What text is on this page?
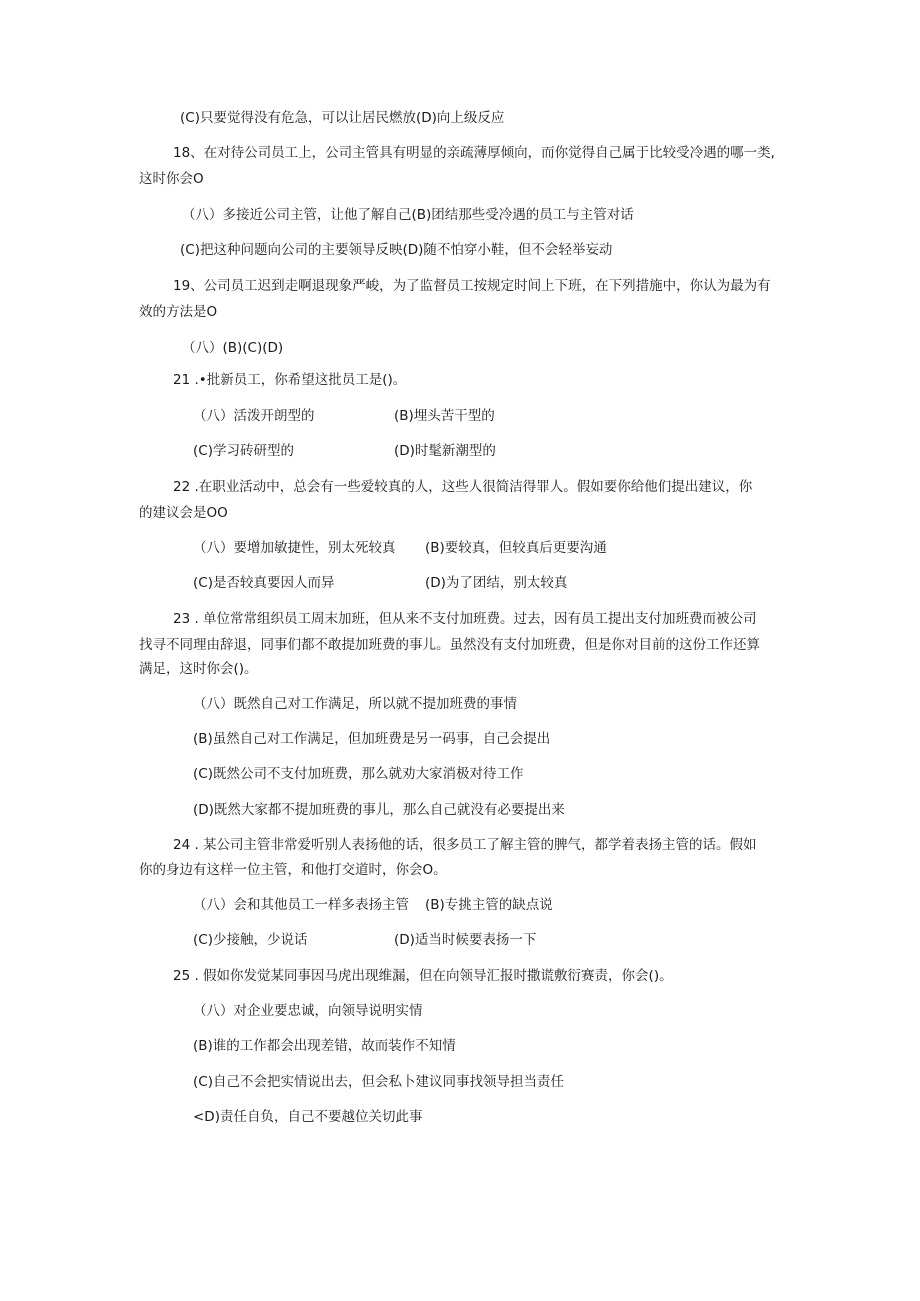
(C)只要觉得没有危急，可以让居民燃放(D)向上级反应
18、在对待公司员工上，公司主管具有明显的亲疏薄厚倾向，而你觉得自己属于比较受冷遇的哪一类,
这时你会O
（八）多接近公司主管，让他了解自己(B)团结那些受冷遇的员工与主管对话
(C)把这种问题向公司的主要领导反映(D)随不怕穿小鞋，但不会轻举妄动
19、公司员工迟到走啊退现象严峻，为了监督员工按规定时间上下班，在下列措施中，你认为最为有
效的方法是O
（八）(B)(C)(D)
21 .•批新员工，你希望这批员工是()。
（八）活泼开朗型的	(B)埋头苦干型的
(C)学习砖研型的	(D)时髦新潮型的
22 .在职业活动中，总会有一些爱较真的人，这些人很简洁得罪人。假如要你给他们提出建议，你
的建议会是OO
（八）要增加敏捷性，别太死较真 (B)要较真，但较真后更要沟通
(C)是否较真要因人而异	(D)为了团结，别太较真
23 . 单位常常组织员工周末加班，但从来不支付加班费。过去，因有员工提出支付加班费而被公司
找寻不同理由辞退，同事们都不敢提加班费的事儿。虽然没有支付加班费，但是你对目前的这份工作还算
满足，这时你会()。
（八）既然自己对工作满足，所以就不提加班费的事情
(B)虽然自己对工作满足，但加班费是另一码事，自己会提出
(C)既然公司不支付加班费，那么就劝大家消极对待工作
(D)既然大家都不提加班费的事儿，那么自己就没有必要提出来
24 . 某公司主管非常爱听别人表扬他的话，很多员工了解主管的脾气，都学着表扬主管的话。假如
你的身边有这样一位主管，和他打交道时，你会O。
（八）会和其他员工一样多表扬主管 (B)专挑主管的缺点说
(C)少接触，少说话	(D)适当时候要表扬一下
25 . 假如你发觉某同事因马虎出现维漏，但在向领导汇报时撒谎敷衍赛责，你会()。
（八）对企业要忠诚，向领导说明实情
(B)谁的工作都会出现差错，故而装作不知情
(C)自己不会把实情说出去，但会私卜建议同事找领导担当责任
<D)责任自负，自己不要越位关切此事
